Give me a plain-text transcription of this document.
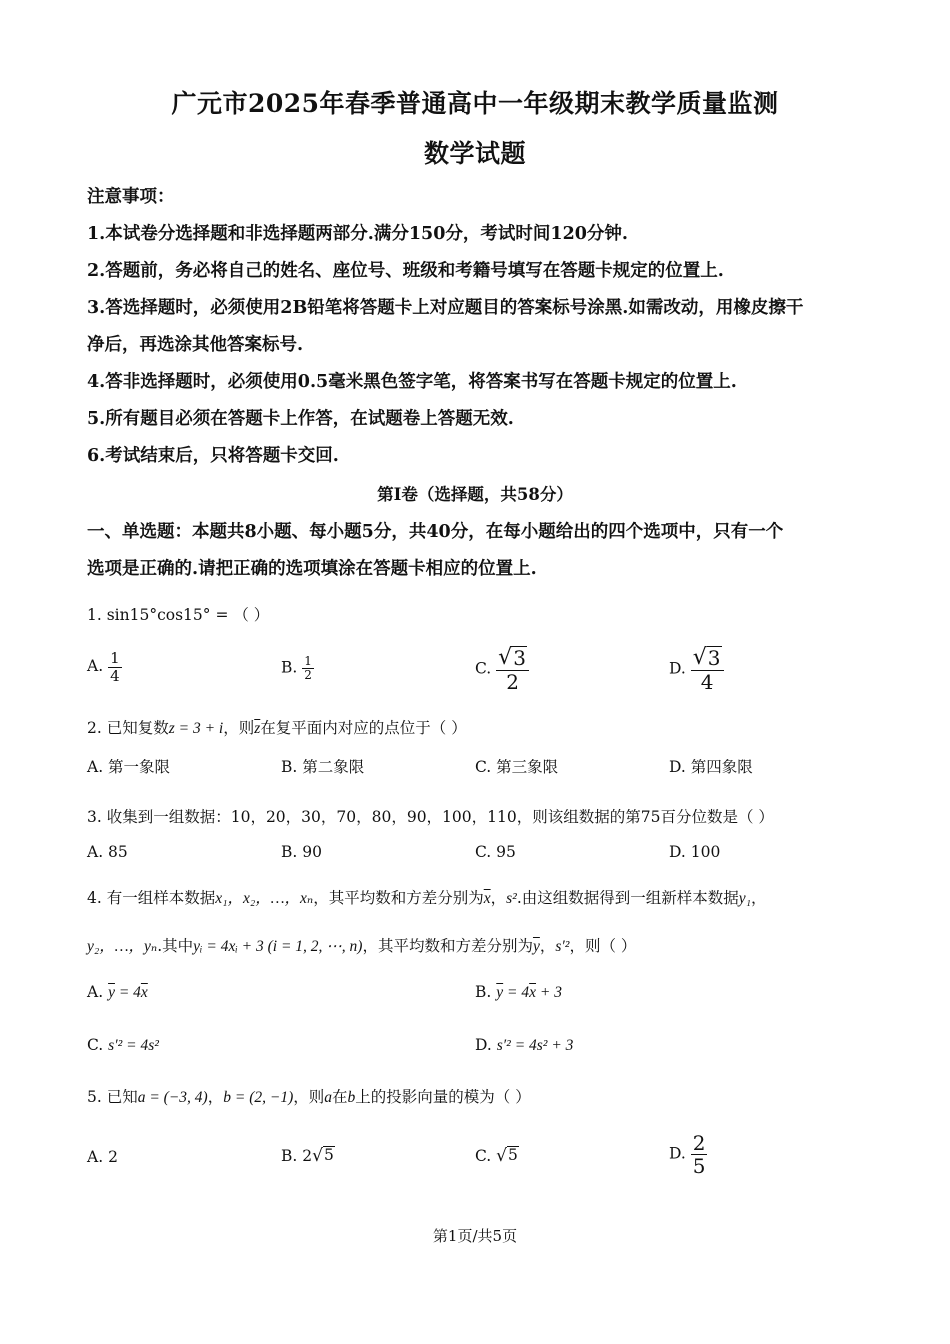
广元市2025年春季普通高中一年级期末教学质量监测
数学试题
注意事项：
1.本试卷分选择题和非选择题两部分.满分150分，考试时间120分钟.
2.答题前，务必将自己的姓名、座位号、班级和考籍号填写在答题卡规定的位置上.
3.答选择题时，必须使用2B铅笔将答题卡上对应题目的答案标号涂黑.如需改动，用橡皮擦干
净后，再选涂其他答案标号.
4.答非选择题时，必须使用0.5毫米黑色签字笔，将答案书写在答题卡规定的位置上.
5.所有题目必须在答题卡上作答，在试题卷上答题无效.
6.考试结束后，只将答题卡交回.
第I卷（选择题，共58分）
一、单选题：本题共8小题、每小题5分，共40分，在每小题给出的四个选项中，只有一个
选项是正确的.请把正确的选项填涂在答题卡相应的位置上.
1. sin15°cos15° = （ ）
A. $\frac{1}{4}$	B. $\frac{1}{2}$	C. $\frac{√ 3}{2}$	D. $\frac{√ 3}{4}$
2. 已知复数z = 3 + i，则$\overline{z}$在复平面内对应的点位于（ ）
A. 第一象限	B. 第二象限	C. 第三象限	D. 第四象限
3. 收集到一组数据：10，20，30，70，80，90，100，110，则该组数据的第75百分位数是（ ）
A. 85	B. 90	C. 95	D. 100
4. 有一组样本数据x₁，x₂，…，xₙ，其平均数和方差分别为$\overline{x}$，s².由这组数据得到一组新样本数据y₁，
y₂，…，yₙ.其中yᵢ = 4xᵢ + 3 (i = 1, 2, ⋯, n)，其平均数和方差分别为$\overline{y}$，s′²，则（ ）
A. $\overline{y} = 4\overline{x}$	B. $\overline{y} = 4\overline{x} + 3$
C. s′² = 4s²	D. s′² = 4s² + 3
5. 已知a = (−3, 4)，b = (2, −1)，则a在b上的投影向量的模为（ ）
A. 2	B. 2 √ 5	C. √ 5	D. $\frac{2}{5}$
第1页/共5页
